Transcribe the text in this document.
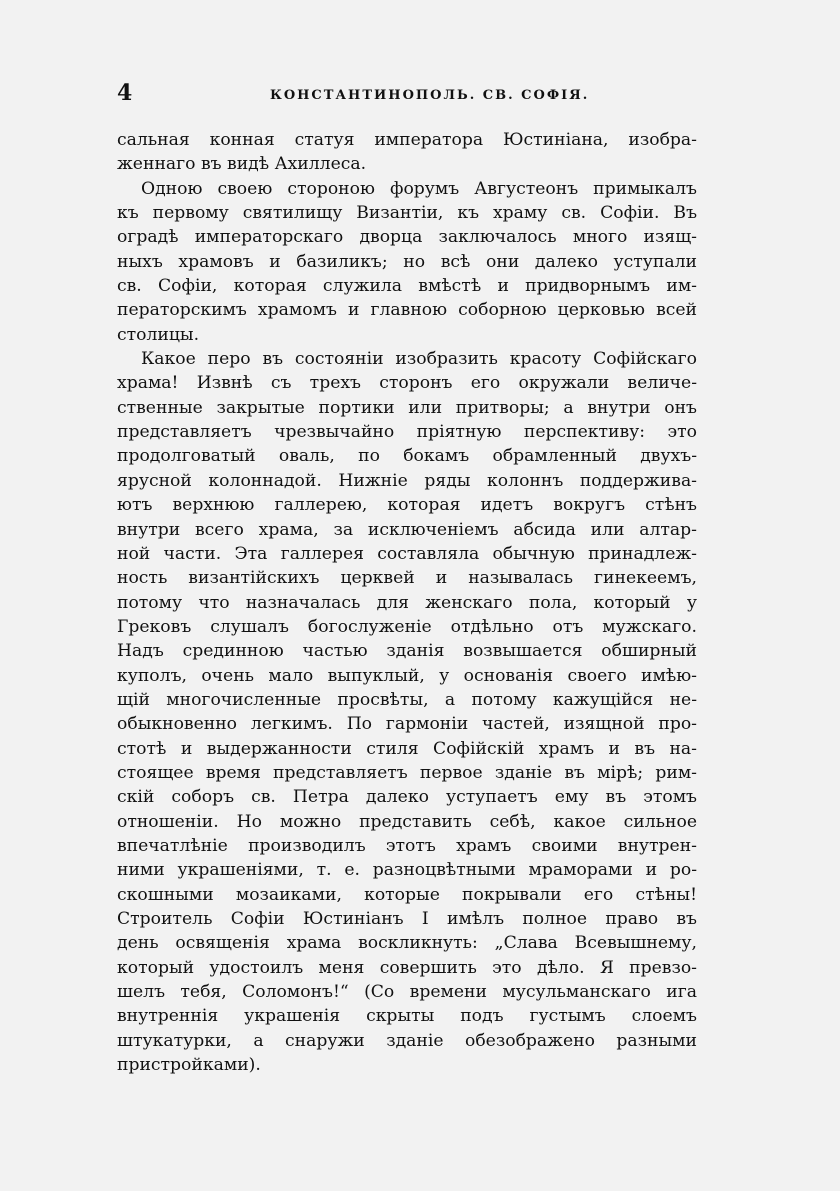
4	КОНСТАНТИНОПОЛЬ. СВ. СОФІЯ.
сальная конная статуя императора Юстиніана, изобра-
женнаго въ видѣ Ахиллеса.
Одною своею стороною форумъ Августеонъ примыкалъ
къ первому святилищу Византіи, къ храму св. Софіи. Въ
оградѣ императорскаго дворца заключалось много изящ-
ныхъ храмовъ и базиликъ; но всѣ они далеко уступали
св. Софіи, которая служила вмѣстѣ и придворнымъ им-
ператорскимъ храмомъ и главною соборною церковью всей
столицы.
Какое перо въ состояніи изобразить красоту Софійскаго
храма! Извнѣ съ трехъ сторонъ его окружали величе-
ственные закрытые портики или притворы; а внутри онъ
представляетъ чрезвычайно пріятную перспективу: это
продолговатый оваль, по бокамъ обрамленный двухъ-
ярусной колоннадой. Нижніе ряды колоннъ поддержива-
ютъ верхнюю галлерею, которая идетъ вокругъ стѣнъ
внутри всего храма, за исключеніемъ абсида или алтар-
ной части. Эта галлерея составляла обычную принадлеж-
ность византійскихъ церквей и называлась гинекеемъ,
потому что назначалась для женскаго пола, который у
Грековъ слушалъ богослуженіе отдѣльно отъ мужскаго.
Надъ срединною частью зданія возвышается обширный
куполъ, очень мало выпуклый, у основанія своего имѣю-
щій многочисленные просвѣты, а потому кажущійся не-
обыкновенно легкимъ. По гармоніи частей, изящной про-
стотѣ и выдержанности стиля Софійскій храмъ и въ на-
стоящее время представляетъ первое зданіе въ мірѣ; рим-
скій соборъ св. Петра далеко уступаетъ ему въ этомъ
отношеніи. Но можно представить себѣ, какое сильное
впечатлѣніе производилъ этотъ храмъ своими внутрен-
ними украшеніями, т. е. разноцвѣтными мраморами и ро-
скошными мозаиками, которые покрывали его стѣны!
Строитель Софіи Юстиніанъ I имѣлъ полное право въ
день освященія храма воскликнуть: „Слава Всевышнему,
который удостоилъ меня совершить это дѣло. Я превзо-
шелъ тебя, Соломонъ!“ (Со времени мусульманскаго ига
внутреннія украшенія скрыты подъ густымъ слоемъ
штукатурки, а снаружи зданіе обезображено разными
пристройками).
